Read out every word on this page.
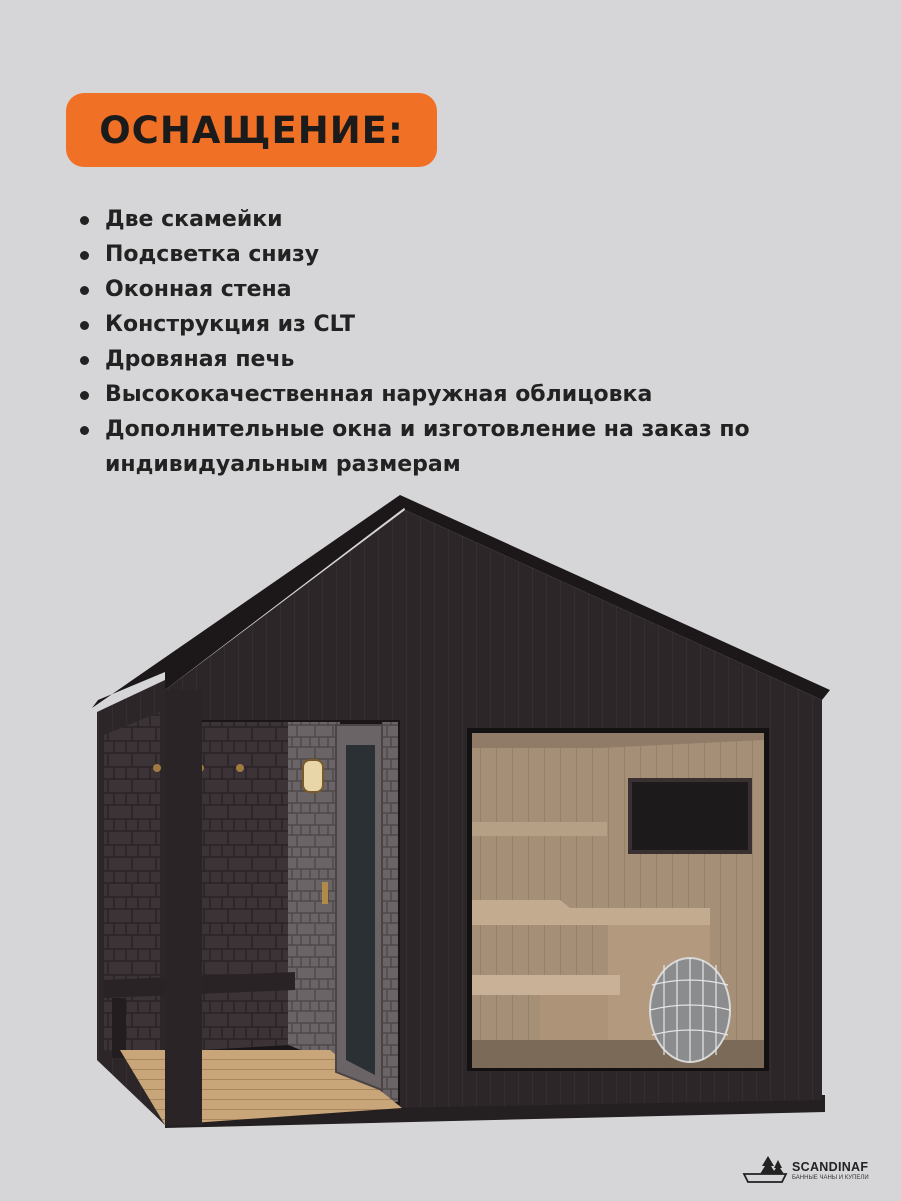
ОСНАЩЕНИЕ:
Две скамейки
Подсветка снизу
Оконная стена
Конструкция из CLT
Дровяная печь
Высококачественная наружная облицовка
Дополнительные окна и изготовление на заказ по индивидуальным размерам
SCANDINAF
БАННЫЕ ЧАНЫ И КУПЕЛИ
